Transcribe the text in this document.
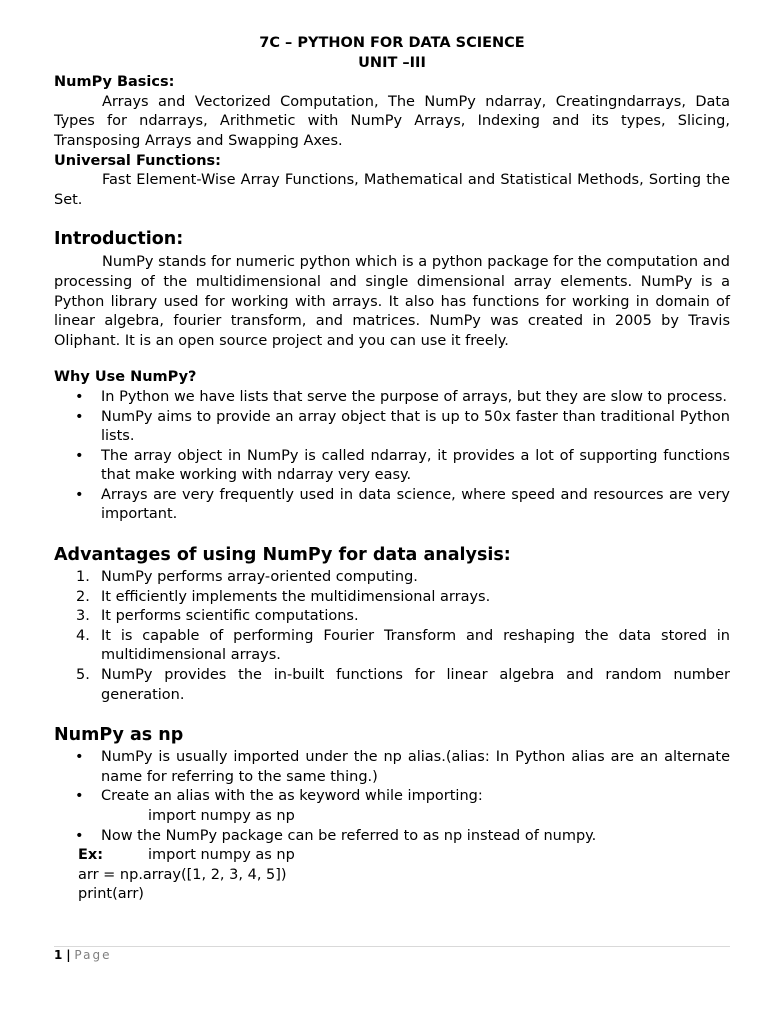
7C – PYTHON FOR DATA SCIENCE
UNIT –III

NumPy Basics:

Arrays and Vectorized Computation, The NumPy ndarray, Creatingndarrays, Data Types for ndarrays, Arithmetic with NumPy Arrays, Indexing and its types, Slicing, Transposing Arrays and Swapping Axes.

Universal Functions:

Fast Element-Wise Array Functions, Mathematical and Statistical Methods, Sorting the Set.

Introduction:

NumPy stands for numeric python which is a python package for the computation and processing of the multidimensional and single dimensional array elements. NumPy is a Python library used for working with arrays. It also has functions for working in domain of linear algebra, fourier transform, and matrices. NumPy was created in 2005 by Travis Oliphant. It is an open source project and you can use it freely.

Why Use NumPy?
• In Python we have lists that serve the purpose of arrays, but they are slow to process.
• NumPy aims to provide an array object that is up to 50x faster than traditional Python lists.
• The array object in NumPy is called ndarray, it provides a lot of supporting functions that make working with ndarray very easy.
• Arrays are very frequently used in data science, where speed and resources are very important.
Advantages of using NumPy for data analysis:
1. NumPy performs array-oriented computing.
2. It efficiently implements the multidimensional arrays.
3. It performs scientific computations.
4. It is capable of performing Fourier Transform and reshaping the data stored in multidimensional arrays.
5. NumPy provides the in-built functions for linear algebra and random number generation.
NumPy as np
• NumPy is usually imported under the np alias.(alias: In Python alias are an alternate name for referring to the same thing.)
• Create an alias with the as keyword while importing:
import numpy as np
• Now the NumPy package can be referred to as np instead of numpy.
Ex:	import numpy as np
arr = np.array([1, 2, 3, 4, 5])
print(arr)
1 | Page
